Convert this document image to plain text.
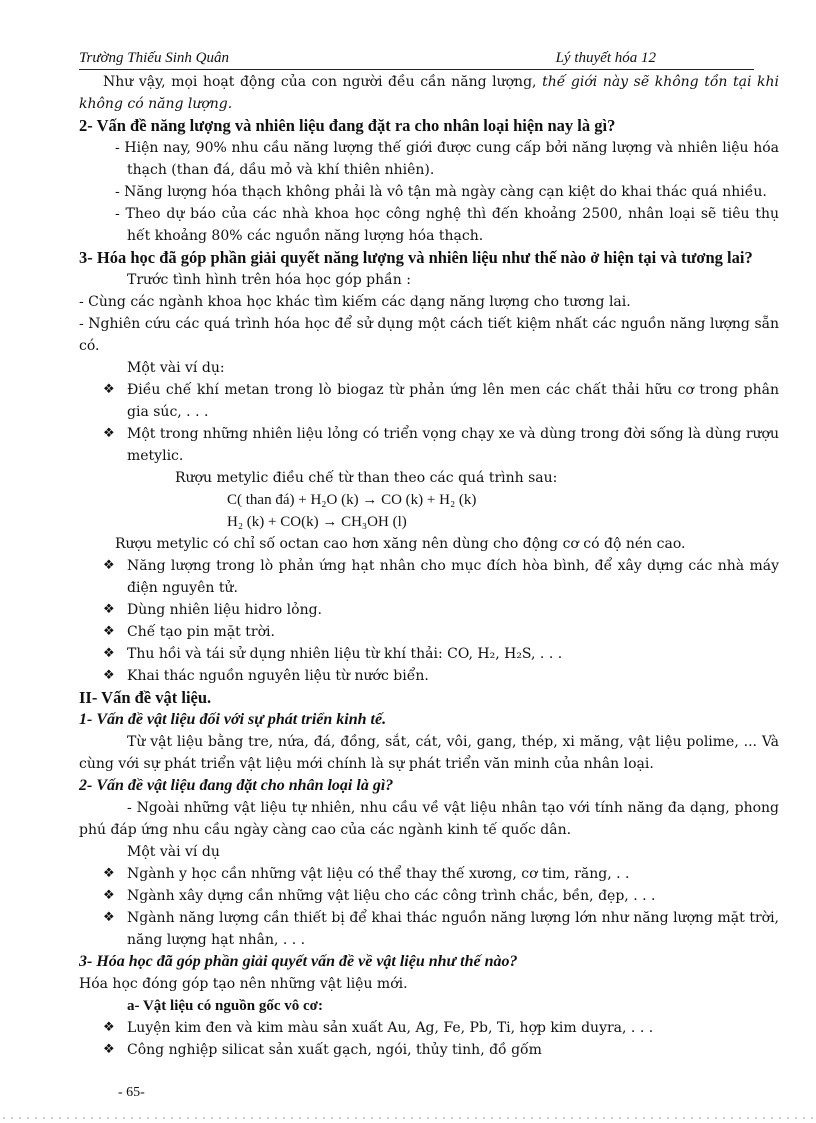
Trường Thiếu Sinh Quân	Lý thuyết hóa 12

Như vậy, mọi hoạt động của con người đều cần năng lượng, thế giới này sẽ không tồn tại khi không có năng lượng.

2- Vấn đề năng lượng và nhiên liệu đang đặt ra cho nhân loại hiện nay là gì?

- Hiện nay, 90% nhu cầu năng lượng thế giới được cung cấp bởi năng lượng và nhiên liệu hóa thạch (than đá, dầu mỏ và khí thiên nhiên).

- Năng lượng hóa thạch không phải là vô tận mà ngày càng cạn kiệt do khai thác quá nhiều.

- Theo dự báo của các nhà khoa học công nghệ thì đến khoảng 2500, nhân loại sẽ tiêu thụ hết khoảng 80% các nguồn năng lượng hóa thạch.

3- Hóa học đã góp phần giải quyết năng lượng và nhiên liệu như thế nào ở hiện tại và tương lai?

Trước tình hình trên hóa học góp phần :

- Cùng các ngành khoa học khác tìm kiếm các dạng năng lượng cho tương lai.

- Nghiên cứu các quá trình hóa học để sử dụng một cách tiết kiệm nhất các nguồn năng lượng sẵn có.

Một vài ví dụ:

❖ Điều chế khí metan trong lò biogaz từ phản ứng lên men các chất thải hữu cơ trong phân gia súc, . . .

❖ Một trong những nhiên liệu lỏng có triển vọng chạy xe và dùng trong đời sống là dùng rượu metylic.

Rượu metylic điều chế từ than theo các quá trình sau:

C( than đá) + H₂O (k) → CO (k) + H₂ (k)

H₂ (k) + CO(k) → CH₃OH (l)

Rượu metylic có chỉ số octan cao hơn xăng nên dùng cho động cơ có độ nén cao.

❖ Năng lượng trong lò phản ứng hạt nhân cho mục đích hòa bình, để xây dựng các nhà máy điện nguyên tử.

❖ Dùng nhiên liệu hidro lỏng.

❖ Chế tạo pin mặt trời.

❖ Thu hồi và tái sử dụng nhiên liệu từ khí thải: CO, H₂, H₂S, . . .

❖ Khai thác nguồn nguyên liệu từ nước biển.

II- Vấn đề vật liệu.

1- Vấn đề vật liệu đối với sự phát triển kinh tế.

Từ vật liệu bằng tre, nứa, đá, đồng, sắt, cát, vôi, gang, thép, xi măng, vật liệu polime, ... Và cùng với sự phát triển vật liệu mới chính là sự phát triển văn minh của nhân loại.

2- Vấn đề vật liệu đang đặt cho nhân loại là gì?

- Ngoài những vật liệu tự nhiên, nhu cầu về vật liệu nhân tạo với tính năng đa dạng, phong phú đáp ứng nhu cầu ngày càng cao của các ngành kinh tế quốc dân.

Một vài ví dụ

❖ Ngành y học cần những vật liệu có thể thay thế xương, cơ tim, răng, . .

❖ Ngành xây dựng cần những vật liệu cho các công trình chắc, bền, đẹp, . . .

❖ Ngành năng lượng cần thiết bị để khai thác nguồn năng lượng lớn như năng lượng mặt trời, năng lượng hạt nhân, . . .

3- Hóa học đã góp phần giải quyết vấn đề về vật liệu như thế nào?

Hóa học đóng góp tạo nên những vật liệu mới.

a- Vật liệu có nguồn gốc vô cơ:

❖ Luyện kim đen và kim màu sản xuất Au, Ag, Fe, Pb, Ti, hợp kim duyra, . . .

❖ Công nghiệp silicat sản xuất gạch, ngói, thủy tinh, đồ gốm

- 65-
